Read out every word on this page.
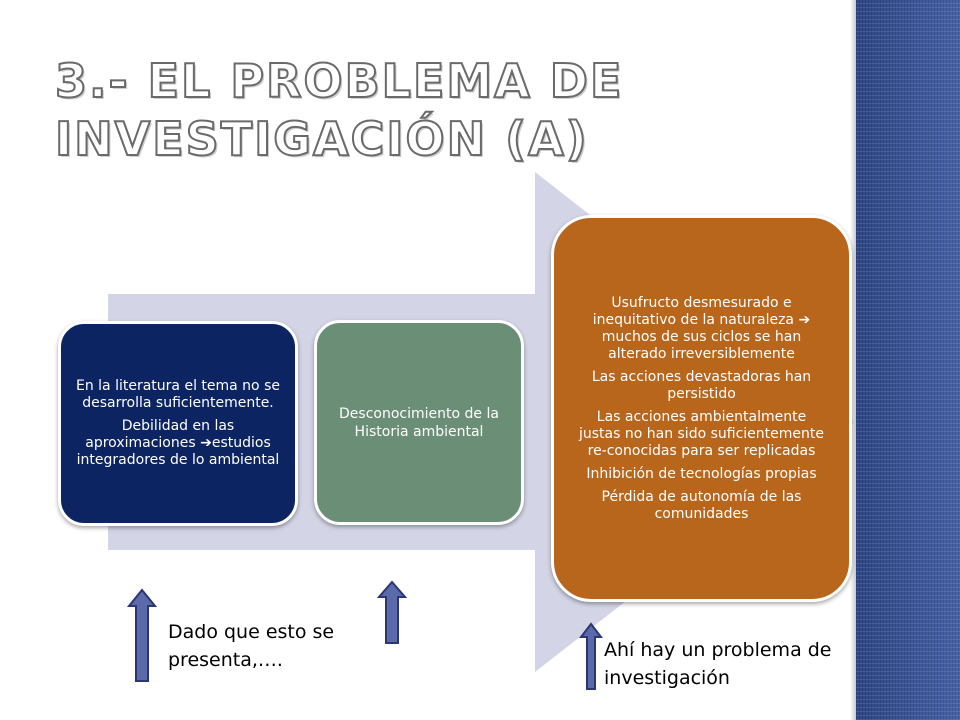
3.- EL PROBLEMA DE
INVESTIGACIÓN (A)

En la literatura el tema no se desarrolla suficientemente.

Debilidad en las aproximaciones ➔estudios integradores de lo ambiental

Desconocimiento de la Historia ambiental

Usufructo desmesurado e inequitativo de la naturaleza ➔ muchos de sus ciclos se han alterado irreversiblemente

Las acciones devastadoras han persistido

Las acciones ambientalmente justas no han sido suficientemente re-conocidas para ser replicadas

Inhibición de tecnologías propias

Pérdida de autonomía de las comunidades

Dado que esto se presenta,….	Ahí hay un problema de investigación
